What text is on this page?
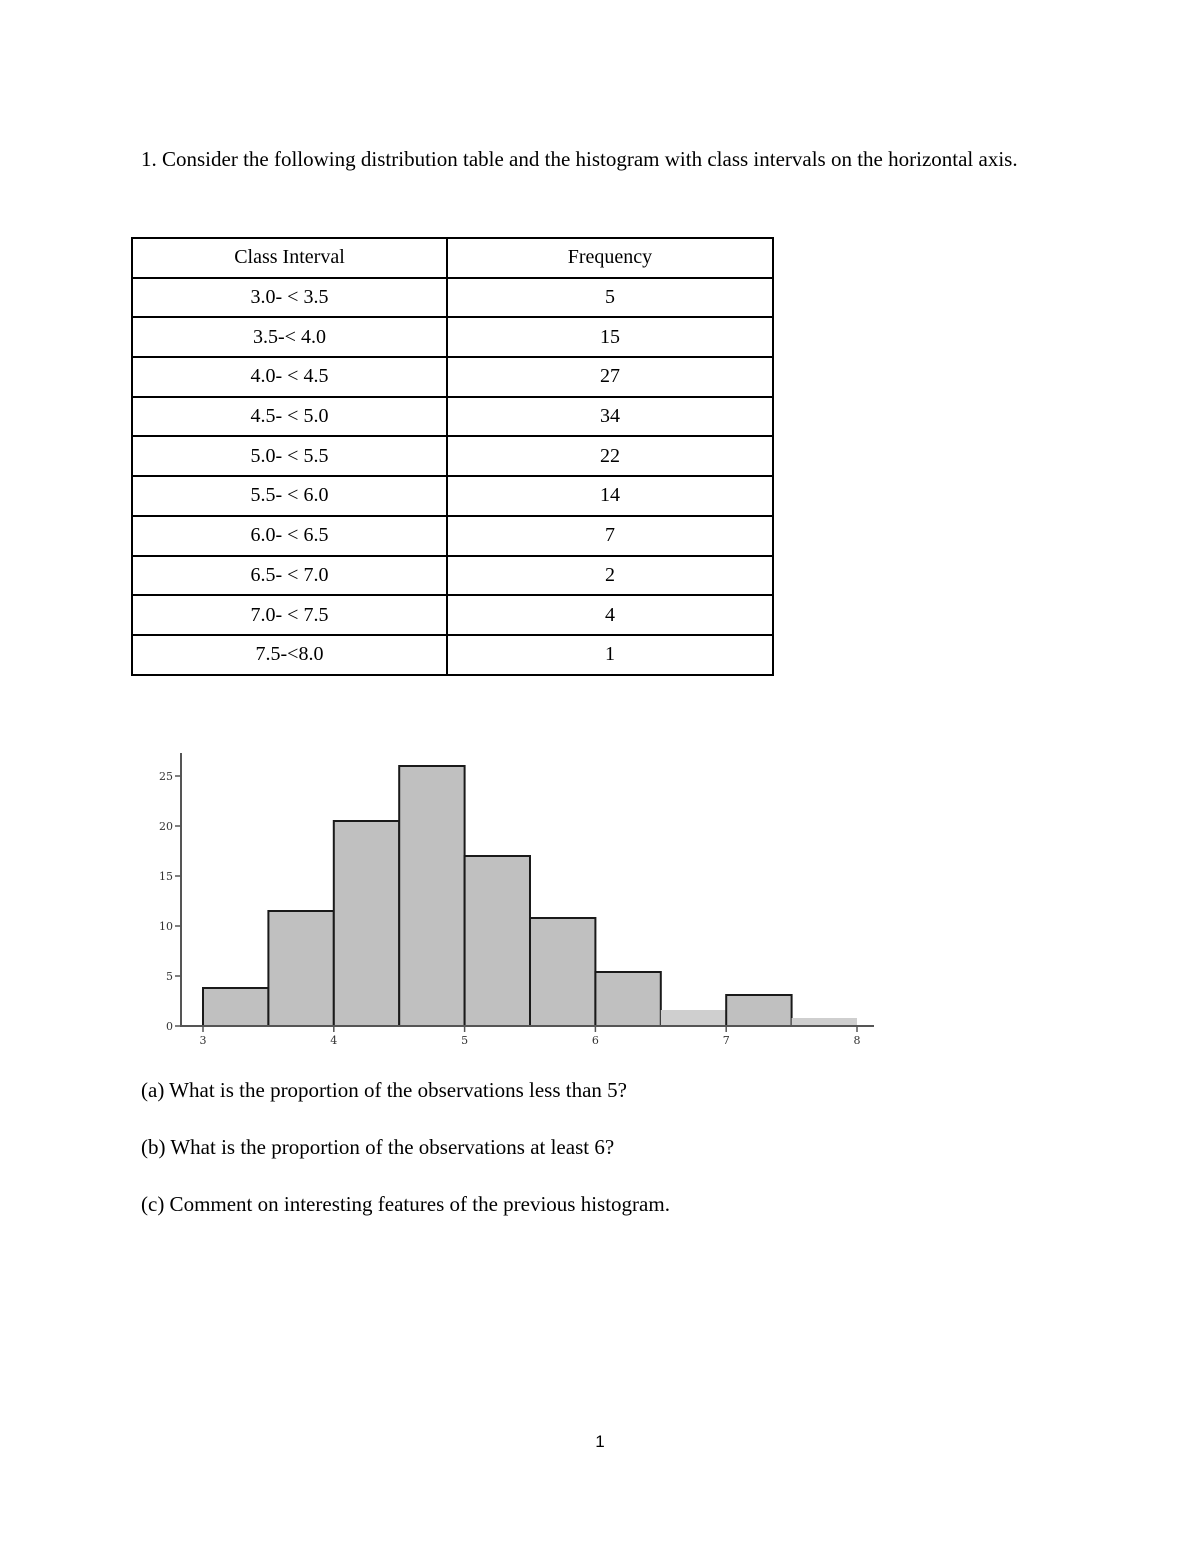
1. Consider the following distribution table and the histogram with class intervals on the horizontal axis.

Class Interval	Frequency
3.0- < 3.5	5
3.5-< 4.0	15
4.0- < 4.5	27
4.5- < 5.0	34
5.0- < 5.5	22
5.5- < 6.0	14
6.0- < 6.5	7
6.5- < 7.0	2
7.0- < 7.5	4
7.5-<8.0	1
0
5
10
15
20
25
3	4	5	6	7	8

(a) What is the proportion of the observations less than 5?

(b) What is the proportion of the observations at least 6?

(c) Comment on interesting features of the previous histogram.

1
